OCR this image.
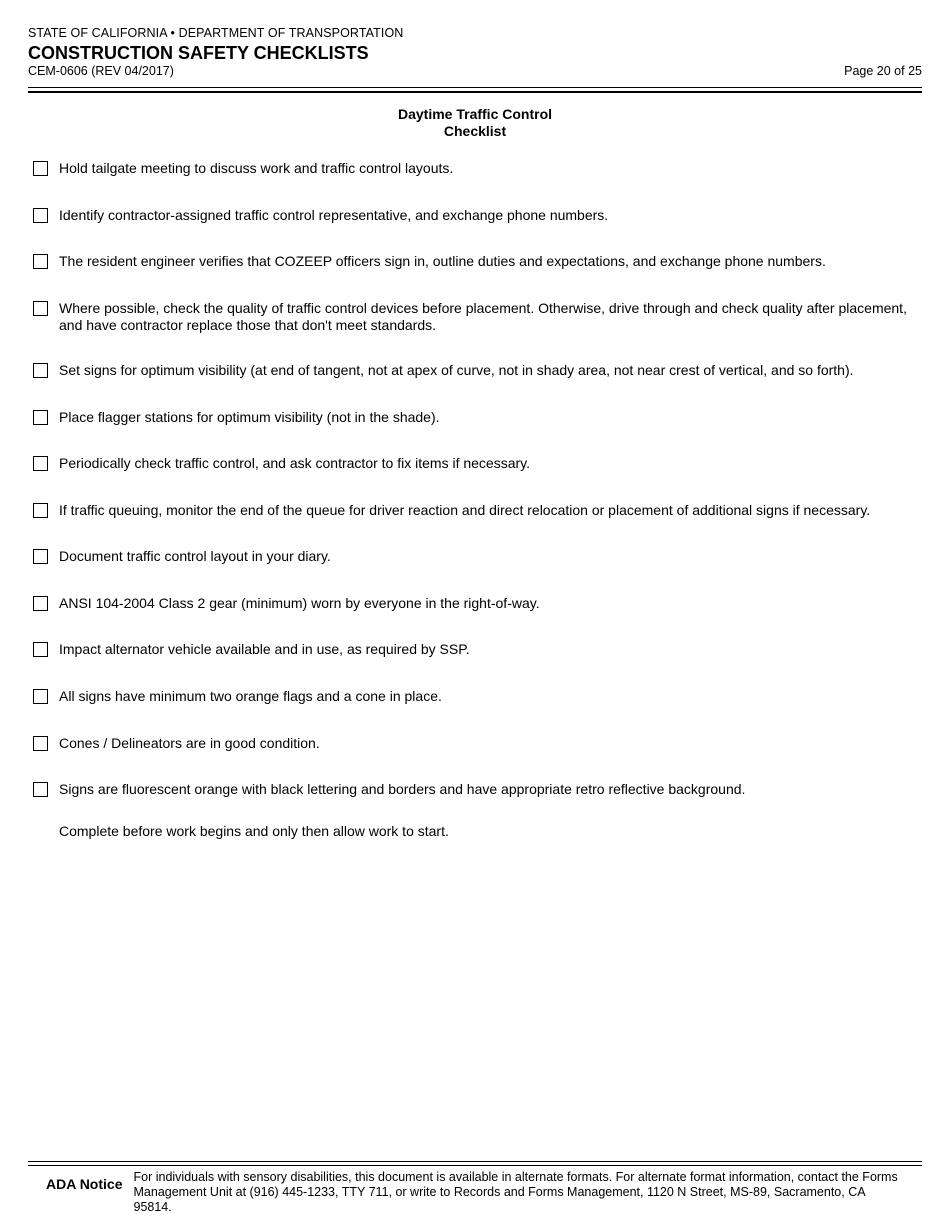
STATE OF CALIFORNIA • DEPARTMENT OF TRANSPORTATION
CONSTRUCTION SAFETY CHECKLISTS
CEM-0606 (REV 04/2017)	Page 20 of 25
Daytime Traffic Control
Checklist
Hold tailgate meeting to discuss work and traffic control layouts.
Identify contractor-assigned traffic control representative, and exchange phone numbers.
The resident engineer verifies that COZEEP officers sign in, outline duties and expectations, and exchange phone numbers.
Where possible, check the quality of traffic control devices before placement. Otherwise, drive through and check quality after placement, and have contractor replace those that don't meet standards.
Set signs for optimum visibility (at end of tangent, not at apex of curve, not in shady area, not near crest of vertical, and so forth).
Place flagger stations for optimum visibility (not in the shade).
Periodically check traffic control, and ask contractor to fix items if necessary.
If traffic queuing, monitor the end of the queue for driver reaction and direct relocation or placement of additional signs if necessary.
Document traffic control layout in your diary.
ANSI 104-2004 Class 2 gear (minimum) worn by everyone in the right-of-way.
Impact alternator vehicle available and in use, as required by SSP.
All signs have minimum two orange flags and a cone in place.
Cones / Delineators are in good condition.
Signs are fluorescent orange with black lettering and borders and have appropriate retro reflective background.
Complete before work begins and only then allow work to start.
ADA Notice For individuals with sensory disabilities, this document is available in alternate formats. For alternate format information, contact the Forms Management Unit at (916) 445-1233, TTY 711, or write to Records and Forms Management, 1120 N Street, MS-89, Sacramento, CA 95814.
